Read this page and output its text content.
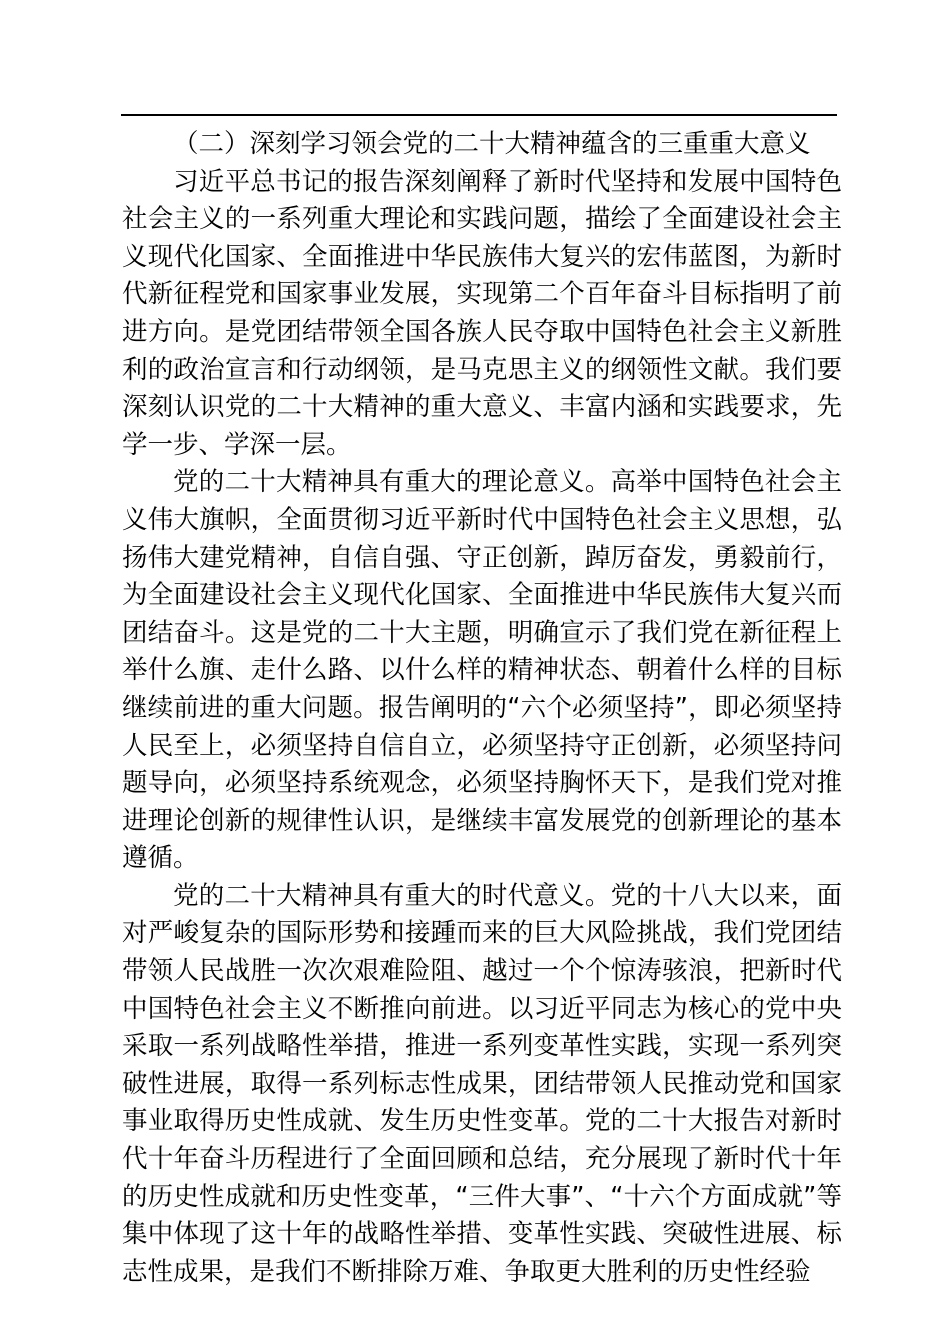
（二）深刻学习领会党的二十大精神蕴含的三重重大意义

习近平总书记的报告深刻阐释了新时代坚持和发展中国特色社会主义的一系列重大理论和实践问题，描绘了全面建设社会主义现代化国家、全面推进中华民族伟大复兴的宏伟蓝图，为新时代新征程党和国家事业发展，实现第二个百年奋斗目标指明了前进方向。是党团结带领全国各族人民夺取中国特色社会主义新胜利的政治宣言和行动纲领，是马克思主义的纲领性文献。我们要深刻认识党的二十大精神的重大意义、丰富内涵和实践要求，先学一步、学深一层。

党的二十大精神具有重大的理论意义。高举中国特色社会主义伟大旗帜，全面贯彻习近平新时代中国特色社会主义思想，弘扬伟大建党精神，自信自强、守正创新，踔厉奋发，勇毅前行，为全面建设社会主义现代化国家、全面推进中华民族伟大复兴而团结奋斗。这是党的二十大主题，明确宣示了我们党在新征程上举什么旗、走什么路、以什么样的精神状态、朝着什么样的目标继续前进的重大问题。报告阐明的“六个必须坚持”，即必须坚持人民至上，必须坚持自信自立，必须坚持守正创新，必须坚持问题导向，必须坚持系统观念，必须坚持胸怀天下，是我们党对推进理论创新的规律性认识，是继续丰富发展党的创新理论的基本遵循。

党的二十大精神具有重大的时代意义。党的十八大以来，面对严峻复杂的国际形势和接踵而来的巨大风险挑战，我们党团结带领人民战胜一次次艰难险阻、越过一个个惊涛骇浪，把新时代中国特色社会主义不断推向前进。以习近平同志为核心的党中央采取一系列战略性举措，推进一系列变革性实践，实现一系列突破性进展，取得一系列标志性成果，团结带领人民推动党和国家事业取得历史性成就、发生历史性变革。党的二十大报告对新时代十年奋斗历程进行了全面回顾和总结，充分展现了新时代十年的历史性成就和历史性变革，“三件大事”、“十六个方面成就”等集中体现了这十年的战略性举措、变革性实践、突破性进展、标志性成果，是我们不断排除万难、争取更大胜利的历史性经验
